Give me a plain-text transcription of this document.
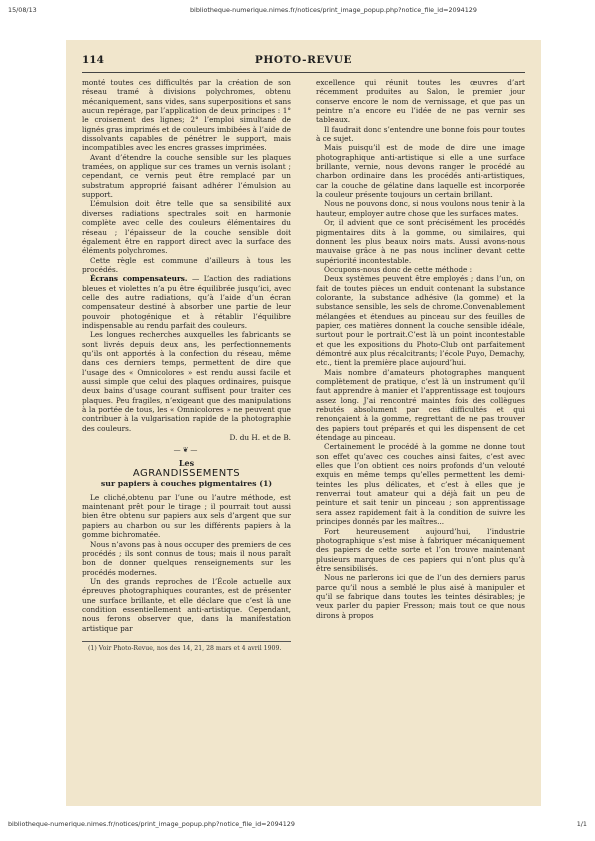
15/08/13	bibliotheque-numerique.nimes.fr/notices/print_image_popup.php?notice_file_id=2094129
114	PHOTO-REVUE

monté toutes ces difficultés par la création de son réseau tramé à divisions polychromes, obtenu mécaniquement, sans vides, sans superpositions et sans aucun repérage, par l’application de deux principes : 1° le croisement des lignes; 2° l’emploi simultané de lignés gras imprimés et de couleurs imbibées à l’aide de dissolvants capables de pénétrer le support, mais incompatibles avec les encres grasses imprimées.

Avant d’étendre la couche sensible sur les plaques tramées, on applique sur ces trames un vernis isolant ; cependant, ce vernis peut être remplacé par un substratum approprié faisant adhérer l’émulsion au support.

L’émulsion doit être telle que sa sensibilité aux diverses radiations spectrales soit en harmonie complète avec celle des couleurs élémentaires du réseau ; l’épaisseur de la couche sensible doit également être en rapport direct avec la surface des éléments polychromes.

Cette règle est commune d’ailleurs à tous les procédés.

Écrans compensateurs. — L’action des radiations bleues et violettes n’a pu être équilibrée jusqu’ici, avec celle des autre radiations, qu’à l’aide d’un écran compensateur destiné à absorber une partie de leur pouvoir photogénique et à rétablir l’équilibre indispensable au rendu parfait des couleurs.

Les longues recherches auxquelles les fabricants se sont livrés depuis deux ans, les perfectionnements qu’ils ont apportés à la confection du réseau, même dans ces derniers temps, permettent de dire que l’usage des « Omnicolores » est rendu aussi facile et aussi simple que celui des plaques ordinaires, puisque deux bains d’usage courant suffisent pour traiter ces plaques. Peu fragiles, n’exigeant que des manipulations à la portée de tous, les « Omnicolores » ne peuvent que contribuer à la vulgarisation rapide de la photographie des couleurs.

D. du H. et de B.

—❦—
Les
AGRANDISSEMENTS
sur papiers à couches pigmentaires (1)

Le cliché,obtenu par l’une ou l’autre méthode, est maintenant prêt pour le tirage ; il pourrait tout aussi bien être obtenu sur papiers aux sels d’argent que sur papiers au charbon ou sur les différents papiers à la gomme bichromatée.

Nous n’avons pas à nous occuper des premiers de ces procédés ; ils sont connus de tous; mais il nous paraît bon de donner quelques renseignements sur les procédés modernes.

Un des grands reproches de l’École actuelle aux épreuves photographiques courantes, est de présenter une surface brillante, et elle déclare que c’est là une condition essentiellement anti-artistique. Cependant, nous ferons observer que, dans la manifestation artistique par

(1) Voir Photo-Revue, nos des 14, 21, 28 mars et 4 avril 1909.

excellence qui réunit toutes les œuvres d’art récemment produites au Salon, le premier jour conserve encore le nom de vernissage, et que pas un peintre n’a encore eu l’idée de ne pas vernir ses tableaux.

Il faudrait donc s’entendre une bonne fois pour toutes à ce sujet.

Mais puisqu’il est de mode de dire une image photographique anti-artistique si elle a une surface brillante, vernie, nous devons ranger le procédé au charbon ordinaire dans les procédés anti-artistiques, car la couche de gélatine dans laquelle est incorporée la couleur présente toujours un certain brillant.

Nous ne pouvons donc, si nous voulons nous tenir à la hauteur, employer autre chose que les surfaces mates.

Or, il advient que ce sont précisément les procédés pigmentaires dits à la gomme, ou similaires, qui donnent les plus beaux noirs mats. Aussi avons-nous mauvaise grâce à ne pas nous incliner devant cette supériorité incontestable.

Occupons-nous donc de cette méthode :

Deux systèmes peuvent être employés ; dans l’un, on fait de toutes pièces un enduit contenant la substance colorante, la substance adhésive (la gomme) et la substance sensible, les sels de chrome.Convenablement mélangées et étendues au pinceau sur des feuilles de papier, ces matières donnent la couche sensible idéale, surtout pour le portrait.C’est là un point incontestable et que les expositions du Photo-Club ont parfaitement démontré aux plus récalcitrants; l’école Puyo, Demachy, etc., tient la première place aujourd’hui.

Mais nombre d’amateurs photographes manquent complètement de pratique, c’est là un instrument qu’il faut apprendre à manier et l’apprentissage est toujours assez long. J’ai rencontré maintes fois des collègues rebutés absolument par ces difficultés et qui renonçaient à la gomme, regrettant de ne pas trouver des papiers tout préparés et qui les dispensent de cet étendage au pinceau.

Certainement le procédé à la gomme ne donne tout son effet qu’avec ces couches ainsi faites, c’est avec elles que l’on obtient ces noirs profonds d’un velouté exquis en même temps qu’elles permettent les demi-teintes les plus délicates, et c’est à elles que je renverrai tout amateur qui a déjà fait un peu de peinture et sait tenir un pinceau ; son apprentissage sera assez rapidement fait à la condition de suivre les principes donnés par les maîtres...

Fort heureusement aujourd’hui, l’industrie photographique s’est mise à fabriquer mécaniquement des papiers de cette sorte et l’on trouve maintenant plusieurs marques de ces papiers qui n’ont plus qu’à être sensibilisés.

Nous ne parlerons ici que de l’un des derniers parus parce qu’il nous a semblé le plus aisé à manipuler et qu’il se fabrique dans toutes les teintes désirables; je veux parler du papier Fresson; mais tout ce que nous dirons à propos

bibliotheque-numerique.nimes.fr/notices/print_image_popup.php?notice_file_id=2094129	1/1
